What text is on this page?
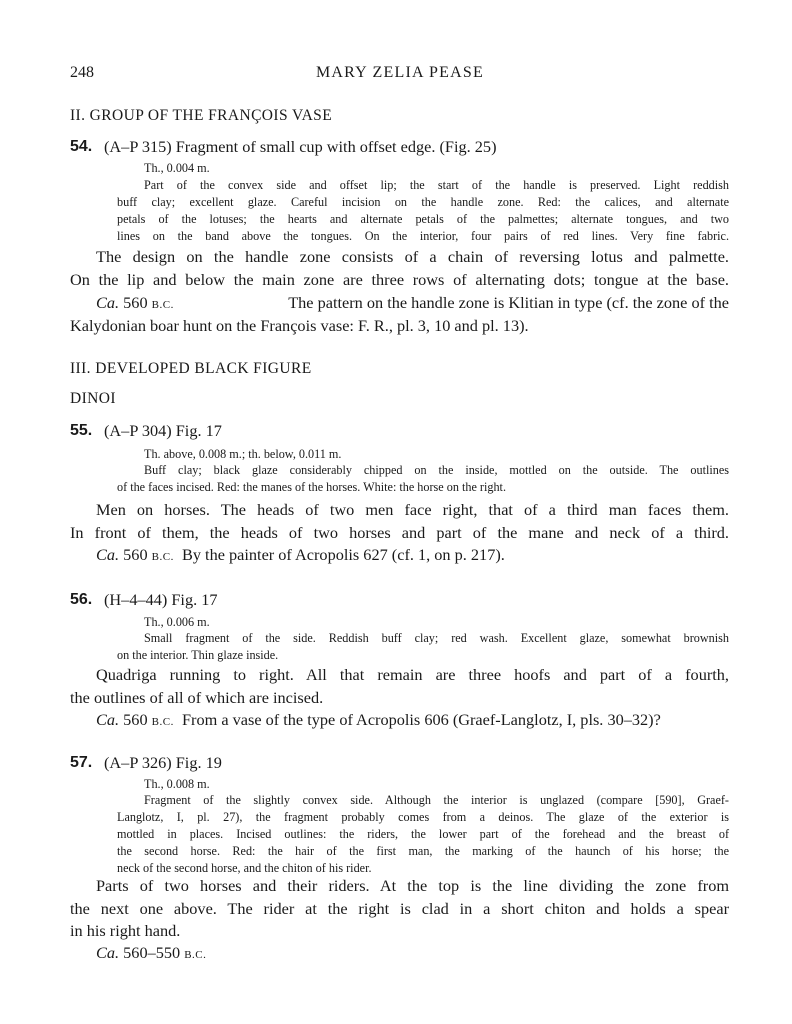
248	MARY ZELIA PEASE
II. GROUP OF THE FRANÇOIS VASE
54. (A–P 315) Fragment of small cup with offset edge. (Fig. 25)
Th., 0.004 m.
Part of the convex side and offset lip; the start of the handle is preserved. Light reddish
buff clay; excellent glaze. Careful incision on the handle zone. Red: the calices, and alternate
petals of the lotuses; the hearts and alternate petals of the palmettes; alternate tongues, and two
lines on the band above the tongues. On the interior, four pairs of red lines. Very fine fabric.
The design on the handle zone consists of a chain of reversing lotus and palmette.
On the lip and below the main zone are three rows of alternating dots; tongue at the base.
Ca. 560 B.C.	The pattern on the handle zone is Klitian in type (cf. the zone of the
Kalydonian boar hunt on the François vase: F. R., pl. 3, 10 and pl. 13).
III. DEVELOPED BLACK FIGURE
DINOI
55. (A–P 304) Fig. 17
Th. above, 0.008 m.; th. below, 0.011 m.
Buff clay; black glaze considerably chipped on the inside, mottled on the outside. The outlines
of the faces incised. Red: the manes of the horses. White: the horse on the right.
Men on horses. The heads of two men face right, that of a third man faces them.
In front of them, the heads of two horses and part of the mane and neck of a third.
Ca. 560 B.C. By the painter of Acropolis 627 (cf. 1, on p. 217).
56. (H–4–44) Fig. 17
Th., 0.006 m.
Small fragment of the side. Reddish buff clay; red wash. Excellent glaze, somewhat brownish
on the interior. Thin glaze inside.
Quadriga running to right. All that remain are three hoofs and part of a fourth,
the outlines of all of which are incised.
Ca. 560 B.C. From a vase of the type of Acropolis 606 (Graef-Langlotz, I, pls. 30–32)?
57. (A–P 326) Fig. 19
Th., 0.008 m.
Fragment of the slightly convex side. Although the interior is unglazed (compare [590], Graef-
Langlotz, I, pl. 27), the fragment probably comes from a deinos. The glaze of the exterior is
mottled in places. Incised outlines: the riders, the lower part of the forehead and the breast of
the second horse. Red: the hair of the first man, the marking of the haunch of his horse; the
neck of the second horse, and the chiton of his rider.
Parts of two horses and their riders. At the top is the line dividing the zone from
the next one above. The rider at the right is clad in a short chiton and holds a spear
in his right hand.
Ca. 560–550 B.C.
